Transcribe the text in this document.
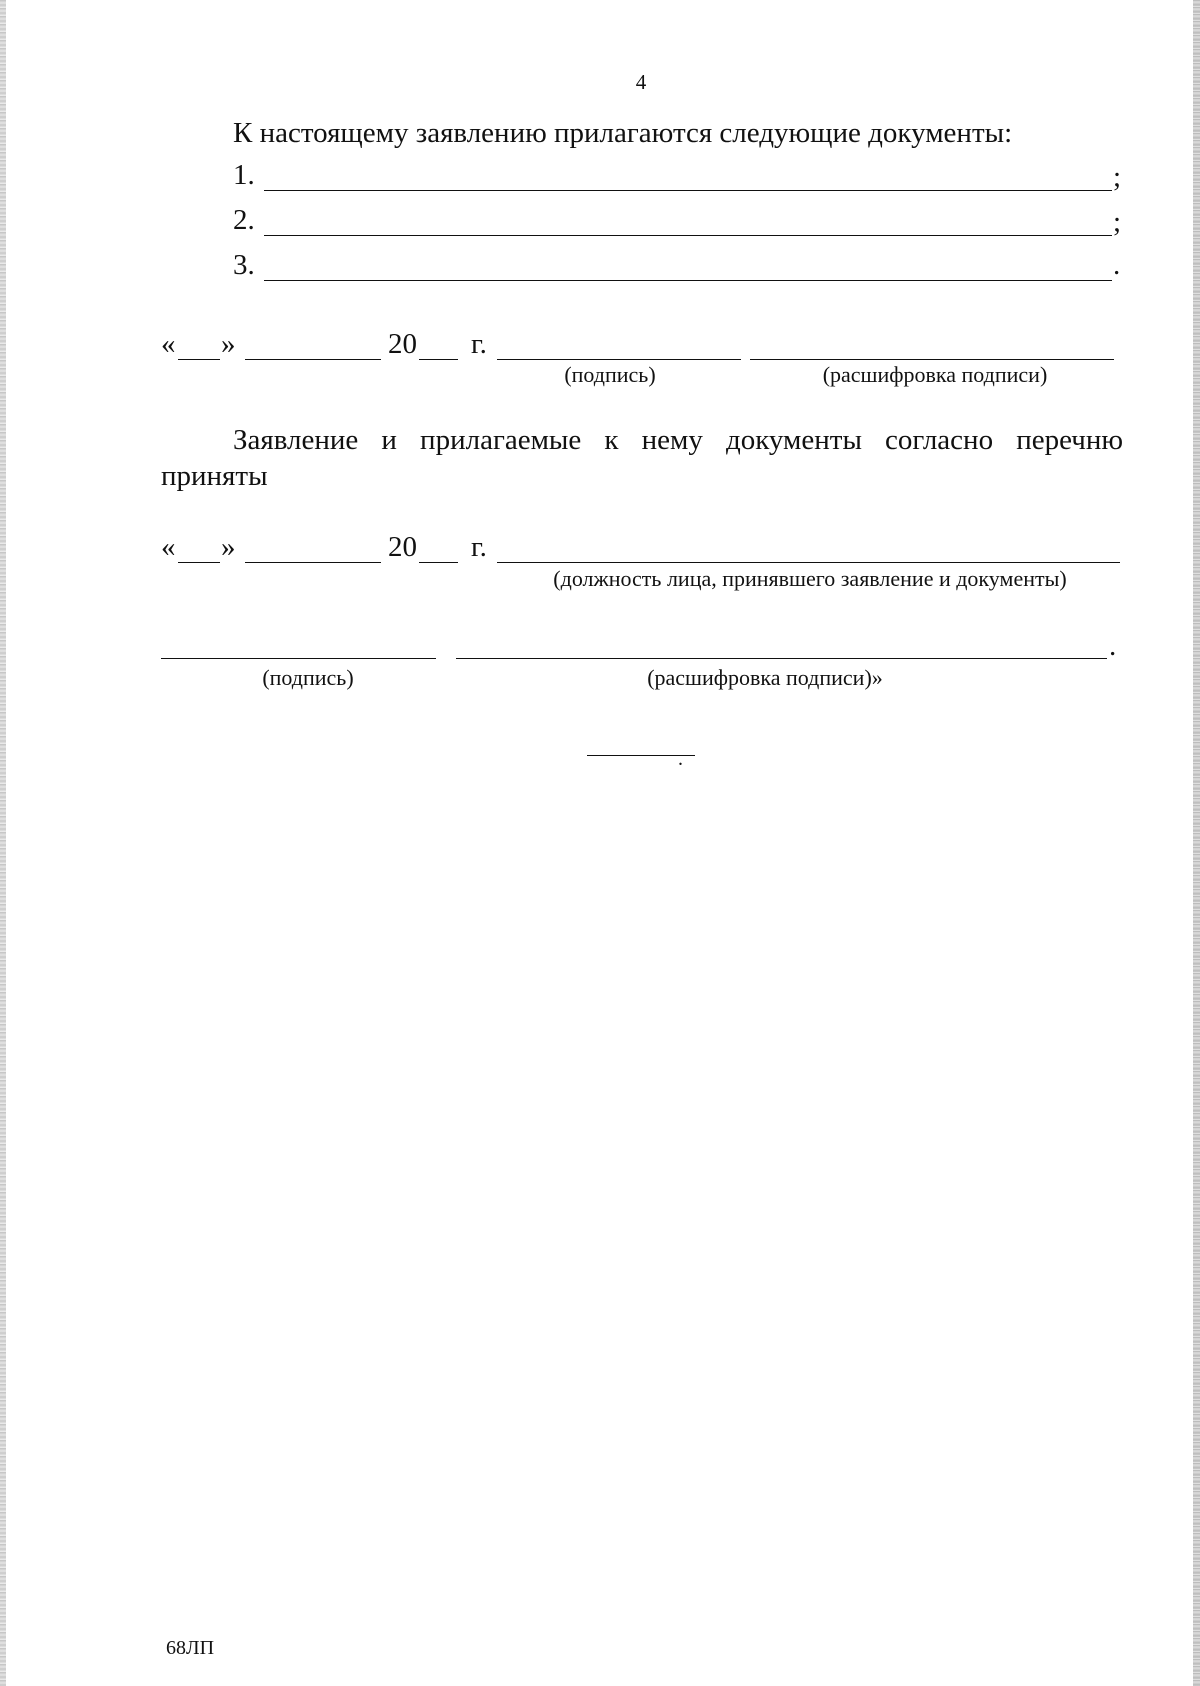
4
К настоящему заявлению прилагаются следующие документы:
1.	;
2.	;
3.	.
« »	20 г.
(подпись)	(расшифровка подписи)
Заявление и прилагаемые к нему документы согласно перечню
приняты
« »	20 г.
(должность лица, принявшего заявление и документы)
.
(подпись)	(расшифровка подписи)»
.
68ЛП
